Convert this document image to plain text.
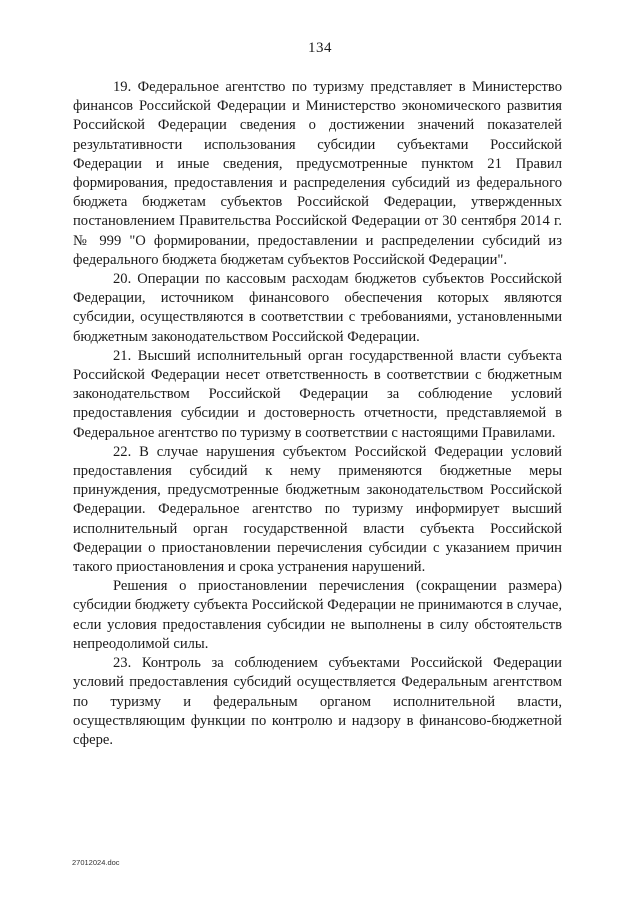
134

19. Федеральное агентство по туризму представляет в Министерство финансов Российской Федерации и Министерство экономического развития Российской Федерации сведения о достижении значений показателей результативности использования субсидии субъектами Российской Федерации и иные сведения, предусмотренные пунктом 21 Правил формирования, предоставления и распределения субсидий из федерального бюджета бюджетам субъектов Российской Федерации, утвержденных постановлением Правительства Российской Федерации от 30 сентября 2014 г. № 999 "О формировании, предоставлении и распределении субсидий из федерального бюджета бюджетам субъектов Российской Федерации".

20. Операции по кассовым расходам бюджетов субъектов Российской Федерации, источником финансового обеспечения которых являются субсидии, осуществляются в соответствии с требованиями, установленными бюджетным законодательством Российской Федерации.

21. Высший исполнительный орган государственной власти субъекта Российской Федерации несет ответственность в соответствии с бюджетным законодательством Российской Федерации за соблюдение условий предоставления субсидии и достоверность отчетности, представляемой в Федеральное агентство по туризму в соответствии с настоящими Правилами.

22. В случае нарушения субъектом Российской Федерации условий предоставления субсидий к нему применяются бюджетные меры принуждения, предусмотренные бюджетным законодательством Российской Федерации. Федеральное агентство по туризму информирует высший исполнительный орган государственной власти субъекта Российской Федерации о приостановлении перечисления субсидии с указанием причин такого приостановления и срока устранения нарушений.

Решения о приостановлении перечисления (сокращении размера) субсидии бюджету субъекта Российской Федерации не принимаются в случае, если условия предоставления субсидии не выполнены в силу обстоятельств непреодолимой силы.

23. Контроль за соблюдением субъектами Российской Федерации условий предоставления субсидий осуществляется Федеральным агентством по туризму и федеральным органом исполнительной власти, осуществляющим функции по контролю и надзору в финансово-бюджетной сфере.

27012024.doc
